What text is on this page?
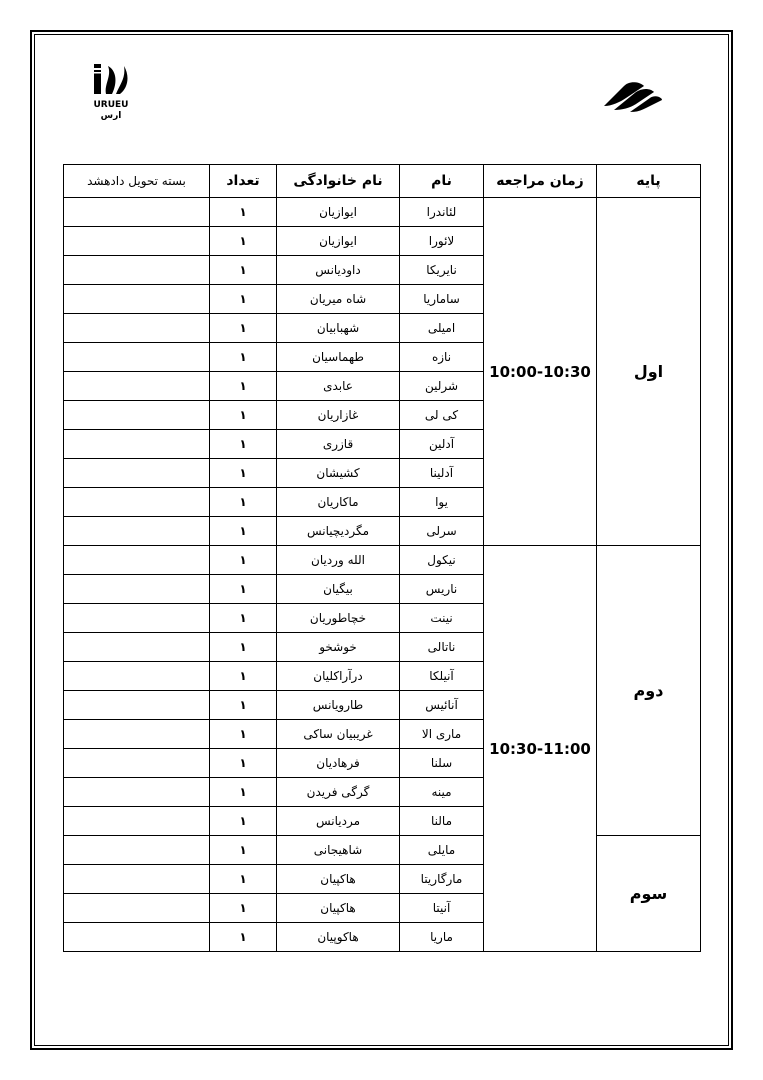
URUEU
ارس
پایه	زمان مراجعه	نام	نام خانوادگی	تعداد	بسته تحویل دادهشد
اول	10:00-10:30	لئاندرا	ایوازیان	۱	
		لائورا	ایوازیان	۱	
		نایریکا	داودیانس	۱	
		ساماریا	شاه میریان	۱	
		امیلی	شهبابیان	۱	
		نازه	طهماسیان	۱	
		شرلین	عابدی	۱	
		کی لی	غازاریان	۱	
		آدلین	قازری	۱	
		آدلینا	کشیشان	۱	
		یوا	ماکاریان	۱	
		سرلی	مگردیچیانس	۱	
دوم	10:30-11:00	نیکول	الله وردیان	۱	
		ناریس	بیگیان	۱	
		نینت	خچاطوریان	۱	
		ناتالی	خوشخو	۱	
		آنیلکا	درآراکلیان	۱	
		آنائیس	طارویانس	۱	
		ماری الا	غریبیان ساکی	۱	
		سلنا	فرهادیان	۱	
		مینه	گرگی فریدن	۱	
		مالنا	مردیانس	۱	
سوم		مایلی	شاهیجانی	۱	
		مارگاریتا	هاکپیان	۱	
		آنیتا	هاکپیان	۱	
		ماریا	هاکوپیان	۱	
